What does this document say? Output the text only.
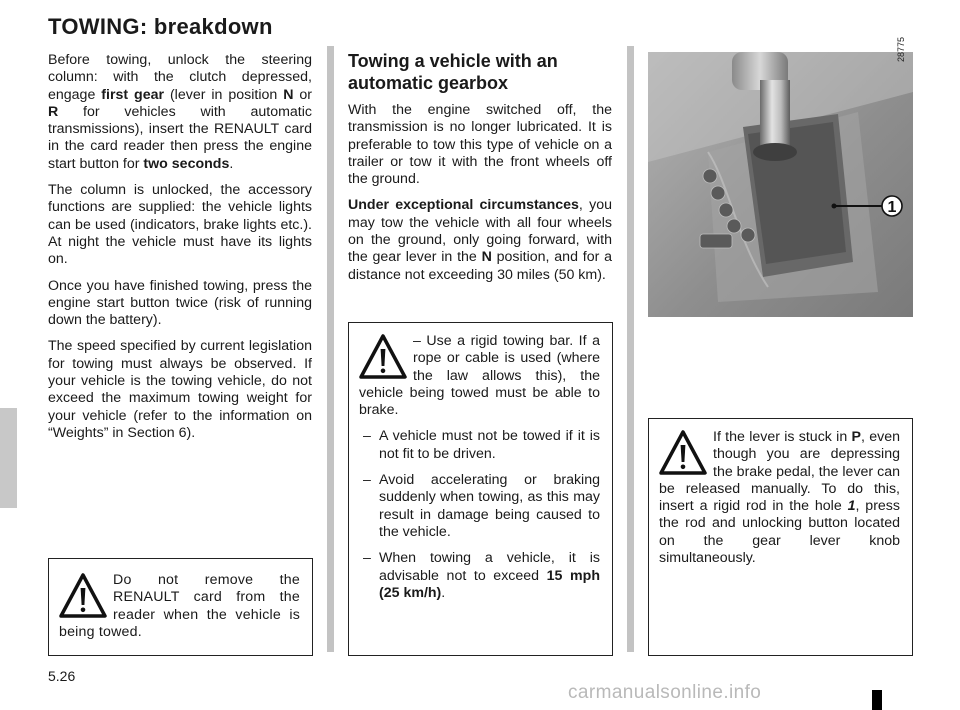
TOWING: breakdown

Before towing, unlock the steering column: with the clutch depressed, engage first gear (lever in position N or R for vehicles with automatic transmissions), insert the RENAULT card in the card reader then press the engine start button for two seconds.

The column is unlocked, the accessory functions are supplied: the vehicle lights can be used (indicators, brake lights etc.). At night the vehicle must have its lights on.

Once you have finished towing, press the engine start button twice (risk of running down the battery).

The speed specified by current legislation for towing must always be observed. If your vehicle is the towing vehicle, do not exceed the maximum towing weight for your vehicle (refer to the information on “Weights” in Section 6).

Do not remove the RENAULT card from the reader when the vehicle is being towed.

Towing a vehicle with an automatic gearbox

With the engine switched off, the transmission is no longer lubricated. It is preferable to tow this type of vehicle on a trailer or tow it with the front wheels off the ground.

Under exceptional circumstances, you may tow the vehicle with all four wheels on the ground, only going forward, with the gear lever in the N position, and for a distance not exceeding 30 miles (50 km).

– Use a rigid towing bar. If a rope or cable is used (where the law allows this), the vehicle being towed must be able to brake.

– A vehicle must not be towed if it is not fit to be driven.
– Avoid accelerating or braking suddenly when towing, as this may result in damage being caused to the vehicle.
– When towing a vehicle, it is advisable not to exceed 15 mph (25 km/h).
1
28775

If the lever is stuck in P, even though you are depressing the brake pedal, the lever can be released manually. To do this, insert a rigid rod in the hole 1, press the rod and unlocking button located on the gear lever knob simultaneously.

5.26
carmanualsonline.info
